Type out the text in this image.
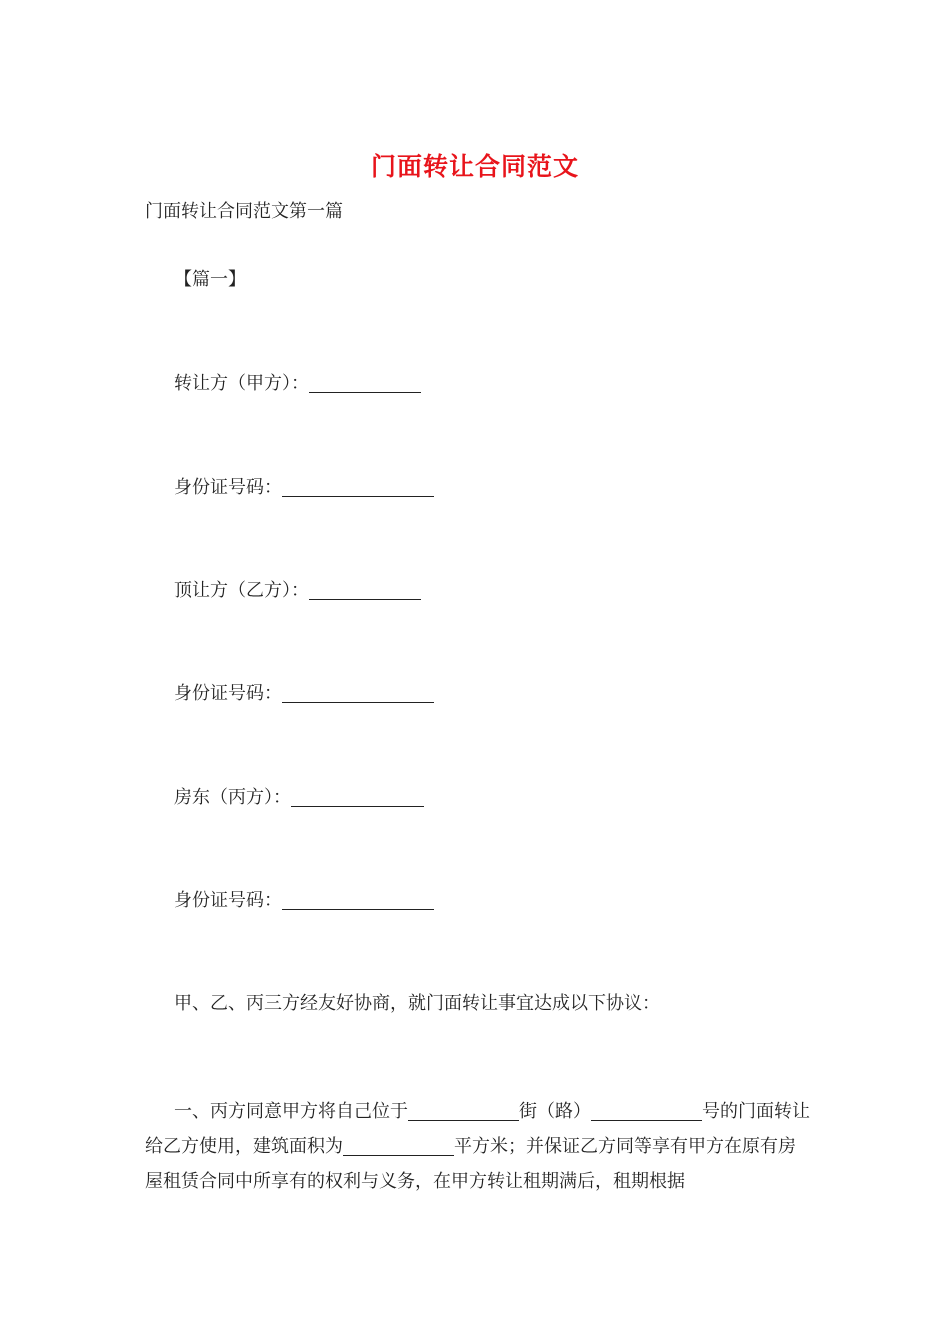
门面转让合同范文
门面转让合同范文第一篇
【篇一】
转让方（甲方）：
身份证号码：
顶让方（乙方）：
身份证号码：
房东（丙方）：
身份证号码：
甲、乙、丙三方经友好协商，就门面转让事宜达成以下协议：
一、丙方同意甲方将自己位于	街（路）	号的门面转让给乙方使用，建筑面积为	平方米；并保证乙方同等享有甲方在原有房屋租赁合同中所享有的权利与义务，在甲方转让租期满后，租期根据
